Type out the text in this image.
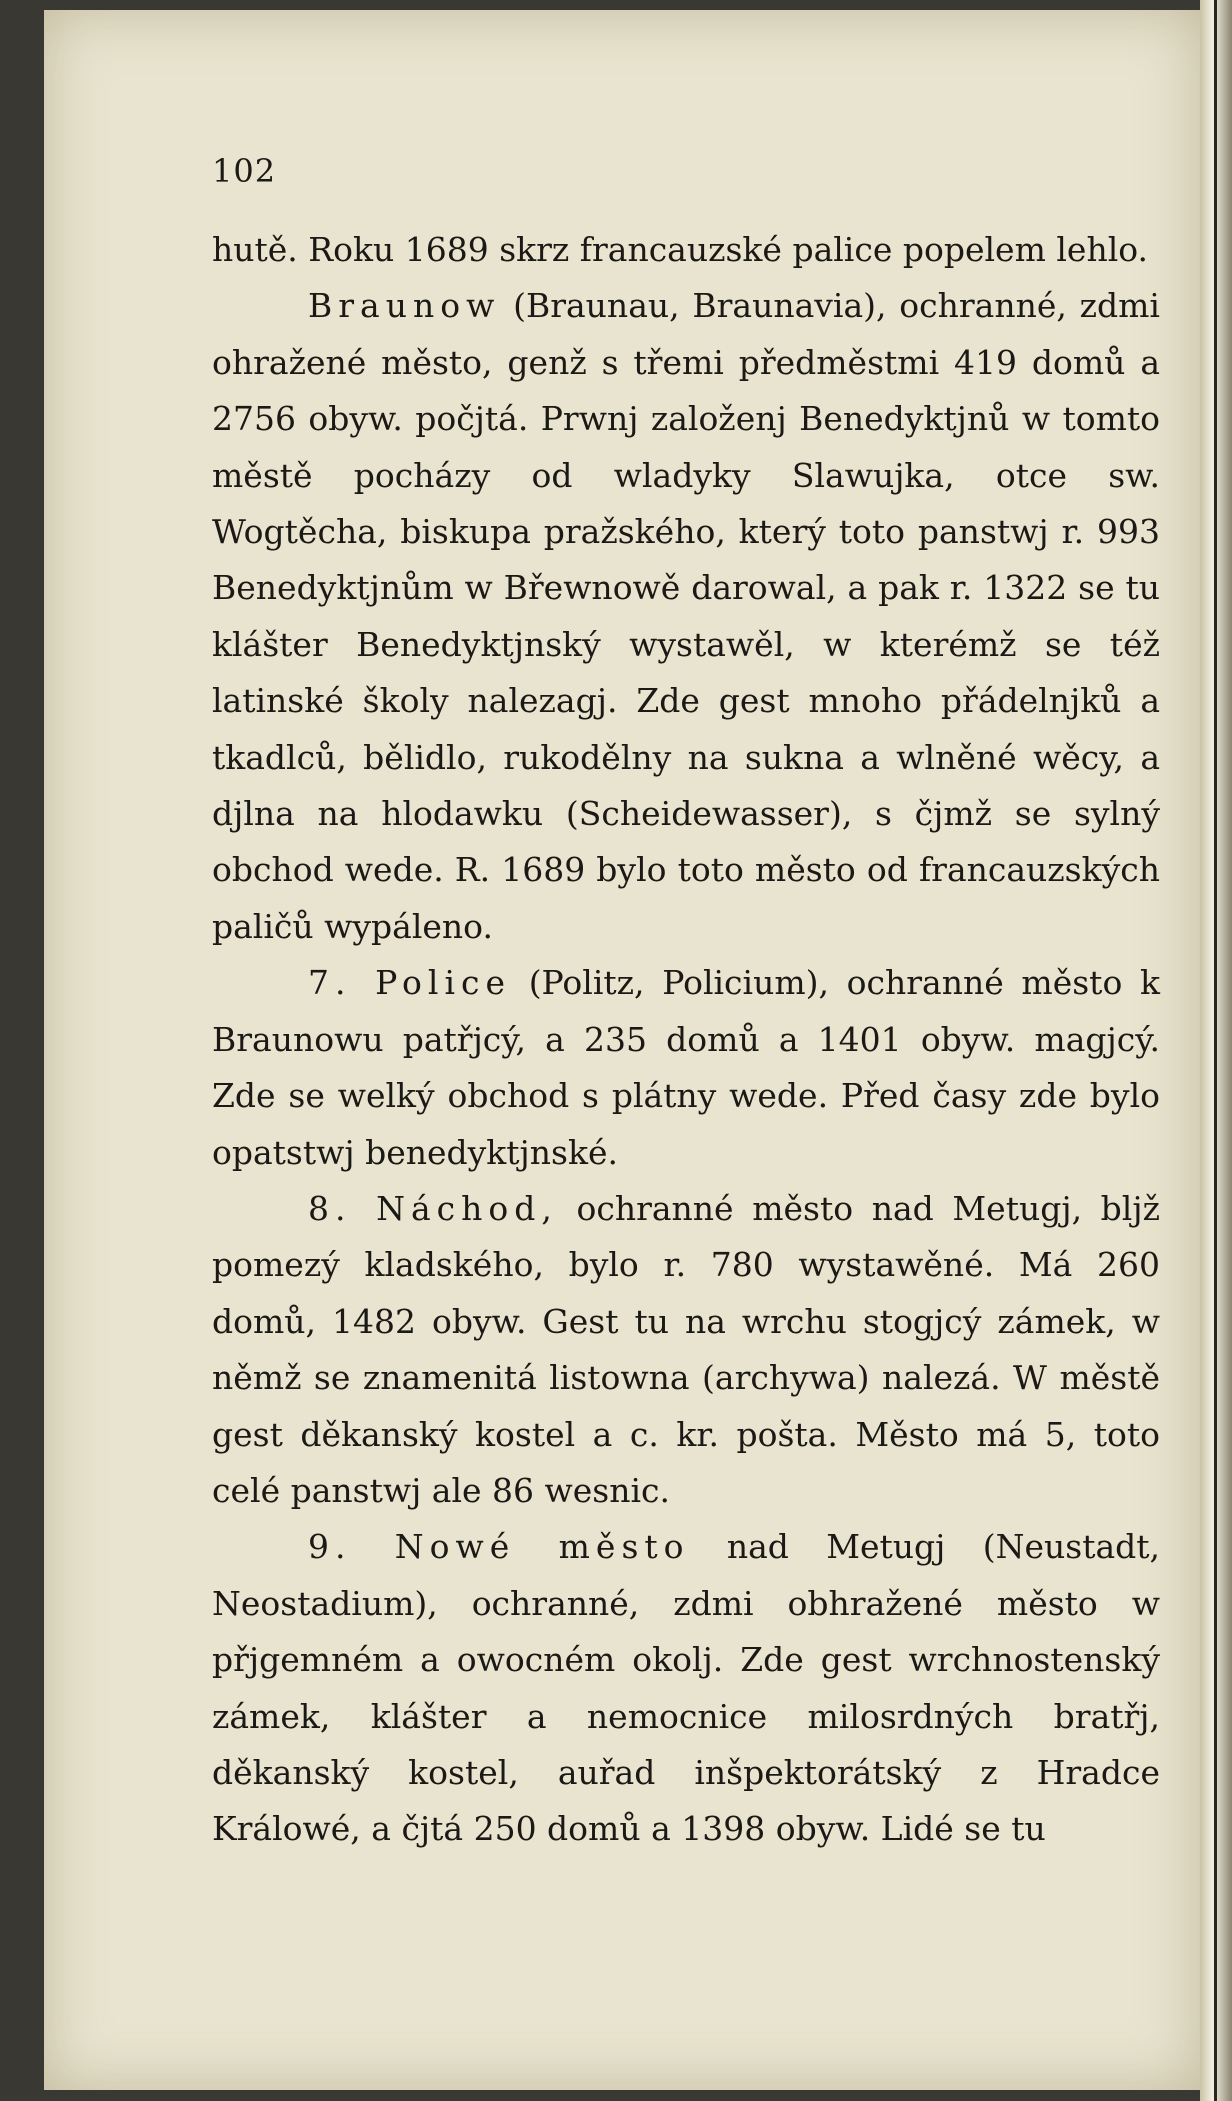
102

hutě. Roku 1689 skrz francauzské palice popelem lehlo.

Braunow (Braunau, Braunavia), ochranné, zdmi ohražené město, genž s třemi předměstmi 419 domů a 2756 obyw. počjtá. Prwnj založenj Benedyktjnů w tomto městě pocházy od wladyky Slawujka, otce sw. Wogtěcha, biskupa pražského, který toto panstwj r. 993 Benedyktjnům w Břewnowě darowal, a pak r. 1322 se tu klášter Benedyktjnský wystawěl, w kterémž se též latinské školy nalezagj. Zde gest mnoho přádelnjků a tkadlců, bělidlo, rukodělny na sukna a wlněné wěcy, a djlna na hlodawku (Scheidewasser), s čjmž se sylný obchod wede. R. 1689 bylo toto město od francauzských paličů wypáleno.

7. Police (Politz, Policium), ochranné město k Braunowu patřjcý, a 235 domů a 1401 obyw. magjcý. Zde se welký obchod s plátny wede. Před časy zde bylo opatstwj benedyktjnské.

8. Náchod, ochranné město nad Metugj, blјž pomezý kladského, bylo r. 780 wystawěné. Má 260 domů, 1482 obyw. Gest tu na wrchu stogjcý zámek, w němž se znamenitá listowna (archywa) nalezá. W městě gest děkanský kostel a c. kr. pošta. Město má 5, toto celé panstwj ale 86 wesnic.

9. Nowé město nad Metugj (Neustadt, Neostadium), ochranné, zdmi obhražené město w přjgemném a owocném okolj. Zde gest wrchnostenský zámek, klášter a nemocnice milosrdných bratřj, děkanský kostel, auřad inšpektorátský z Hradce Králowé, a čjtá 250 domů a 1398 obyw. Lidé se tu
